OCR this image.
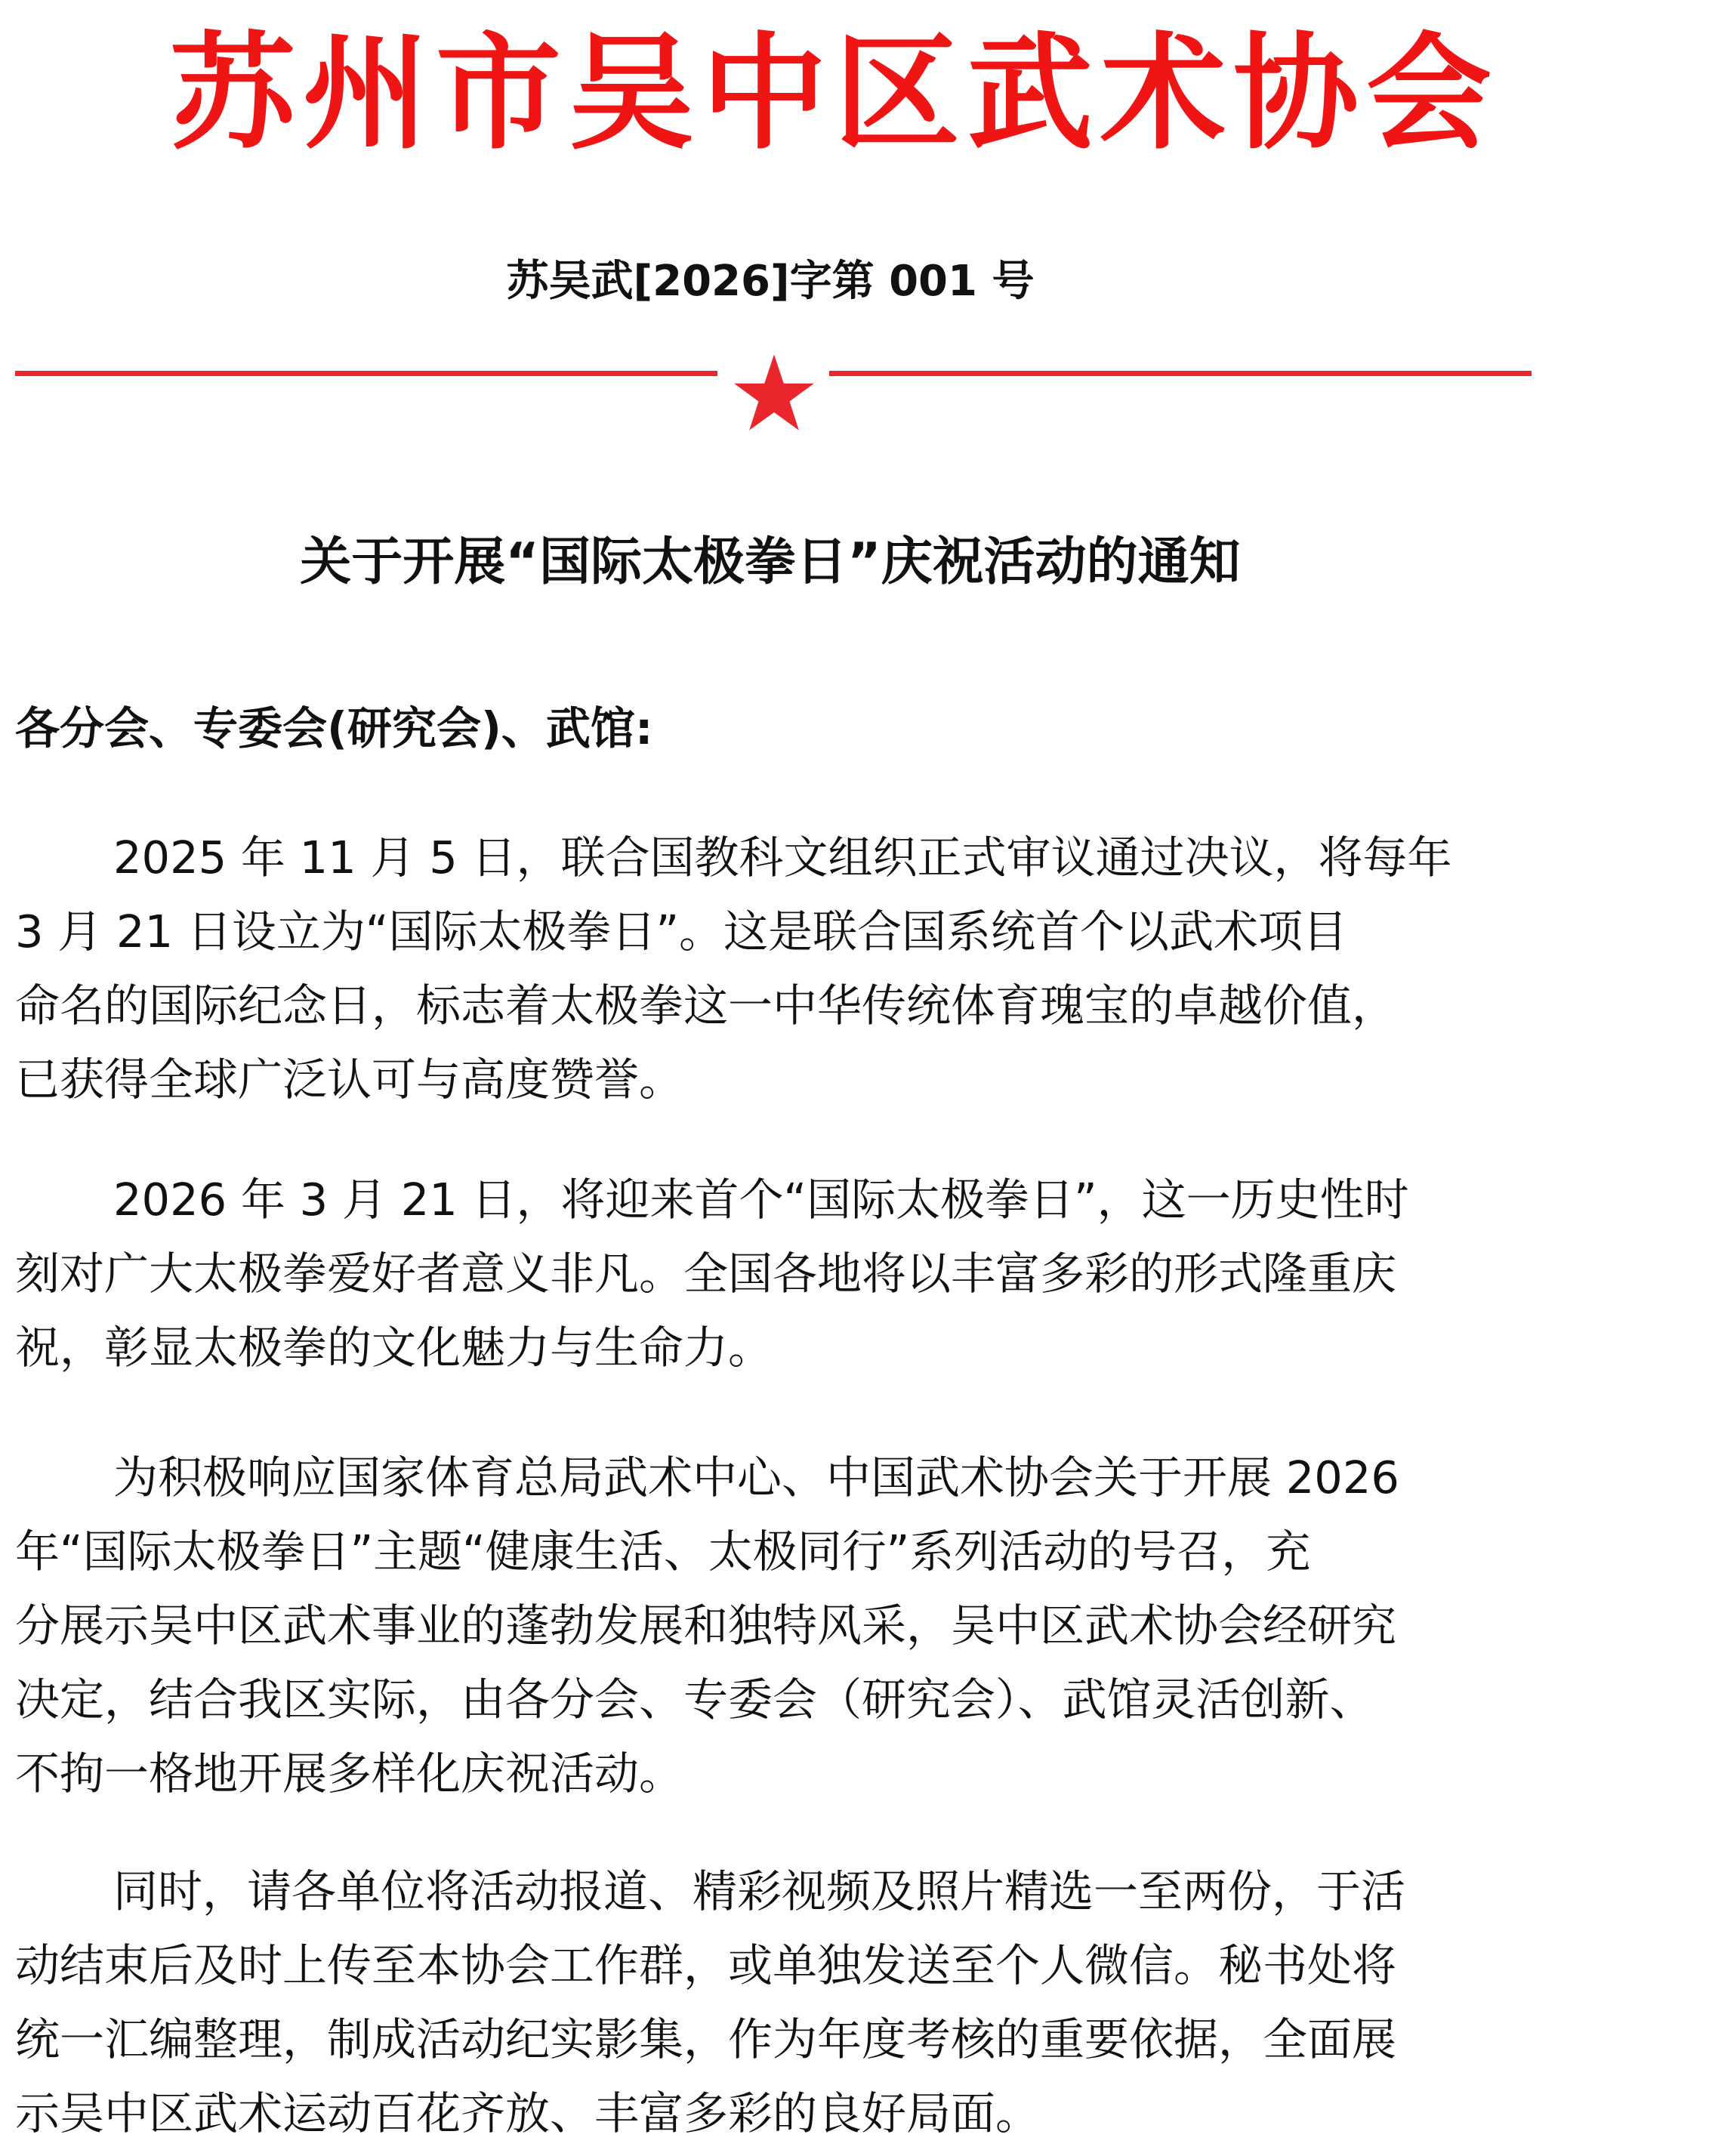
苏州市吴中区武术协会
苏吴武[2026]字第 001 号
关于开展“国际太极拳日”庆祝活动的通知
各分会、专委会(研究会)、武馆:
2025 年 11 月 5 日，联合国教科文组织正式审议通过决议，将每年
3 月 21 日设立为“国际太极拳日”。这是联合国系统首个以武术项目
命名的国际纪念日，标志着太极拳这一中华传统体育瑰宝的卓越价值，
已获得全球广泛认可与高度赞誉。
2026 年 3 月 21 日，将迎来首个“国际太极拳日”，这一历史性时
刻对广大太极拳爱好者意义非凡。全国各地将以丰富多彩的形式隆重庆
祝，彰显太极拳的文化魅力与生命力。
为积极响应国家体育总局武术中心、中国武术协会关于开展 2026
年“国际太极拳日”主题“健康生活、太极同行”系列活动的号召，充
分展示吴中区武术事业的蓬勃发展和独特风采，吴中区武术协会经研究
决定，结合我区实际，由各分会、专委会（研究会）、武馆灵活创新、
不拘一格地开展多样化庆祝活动。
同时，请各单位将活动报道、精彩视频及照片精选一至两份，于活
动结束后及时上传至本协会工作群，或单独发送至个人微信。秘书处将
统一汇编整理，制成活动纪实影集，作为年度考核的重要依据，全面展
示吴中区武术运动百花齐放、丰富多彩的良好局面。
